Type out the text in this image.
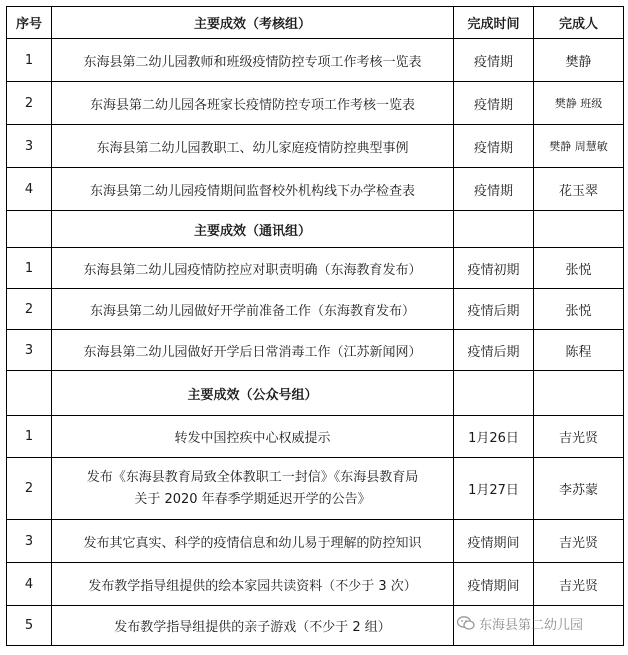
序号	主要成效（考核组）	完成时间	完成人
1	东海县第二幼儿园教师和班级疫情防控专项工作考核一览表	疫情期	樊静
2	东海县第二幼儿园各班家长疫情防控专项工作考核一览表	疫情期	樊静 班级
3	东海县第二幼儿园教职工、幼儿家庭疫情防控典型事例	疫情期	樊静 周慧敏
4	东海县第二幼儿园疫情期间监督校外机构线下办学检查表	疫情期	花玉翠
	主要成效（通讯组）		
1	东海县第二幼儿园疫情防控应对职责明确（东海教育发布）	疫情初期	张悦
2	东海县第二幼儿园做好开学前准备工作（东海教育发布）	疫情后期	张悦
3	东海县第二幼儿园做好开学后日常消毒工作（江苏新闻网）	疫情后期	陈程
	主要成效（公众号组）		
1	转发中国控疾中心权威提示	1月26日	吉光贤
2	发布《东海县教育局致全体教职工一封信》《东海县教育局
关于 2020 年春季学期延迟开学的公告》	1月27日	李苏蒙
3	发布其它真实、科学的疫情信息和幼儿易于理解的防控知识	疫情期间	吉光贤
4	发布教学指导组提供的绘本家园共读资料（不少于 3 次）	疫情期间	吉光贤
5	发布教学指导组提供的亲子游戏（不少于 2 组）			东海县第二幼儿园
